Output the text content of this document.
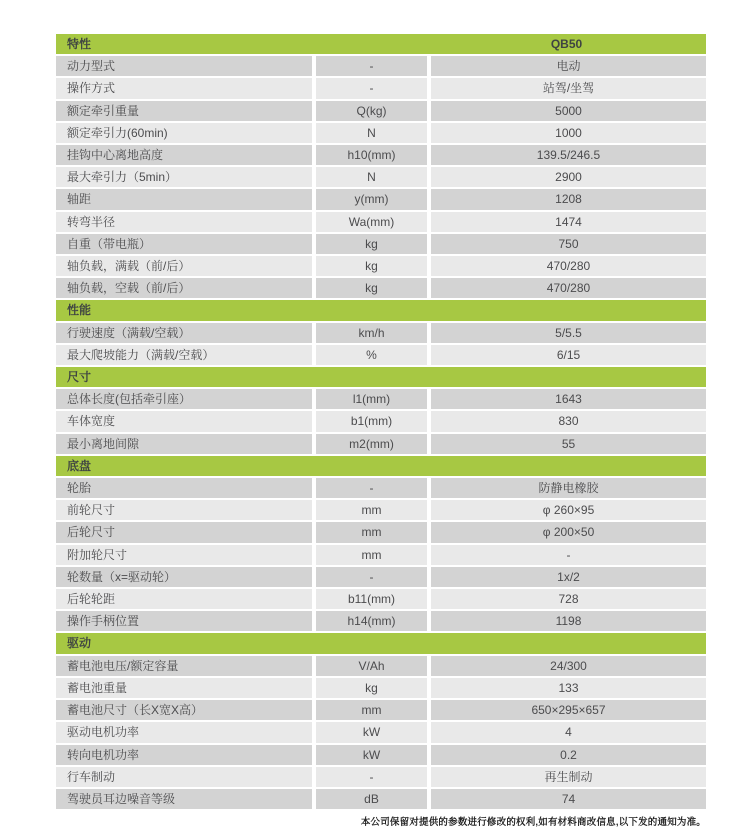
特性		QB50
动力型式	-	电动
操作方式	-	站驾/坐驾
额定牵引重量	Q(kg)	5000
额定牵引力(60min)	N	1000
挂钩中心离地高度	h10(mm)	139.5/246.5
最大牵引力（5min）	N	2900
轴距	y(mm)	1208
转弯半径	Wa(mm)	1474
自重（带电瓶）	kg	750
轴负载，满载（前/后）	kg	470/280
轴负载，空载（前/后）	kg	470/280
性能		
行驶速度（满载/空载）	km/h	5/5.5
最大爬坡能力（满载/空载）	%	6/15
尺寸		
总体长度(包括牵引座）	l1(mm)	1643
车体宽度	b1(mm)	830
最小离地间隙	m2(mm)	55
底盘		
轮胎	-	防静电橡胶
前轮尺寸	mm	φ 260×95
后轮尺寸	mm	φ 200×50
附加轮尺寸	mm	-
轮数量（x=驱动轮）	-	1x/2
后轮轮距	b11(mm)	728
操作手柄位置	h14(mm)	1198
驱动		
蓄电池电压/额定容量	V/Ah	24/300
蓄电池重量	kg	133
蓄电池尺寸（长X宽X高）	mm	650×295×657
驱动电机功率	kW	4
转向电机功率	kW	0.2
行车制动	-	再生制动
驾驶员耳边噪音等级	dB	74
本公司保留对提供的参数进行修改的权利,如有材料商改信息,以下发的通知为准。
